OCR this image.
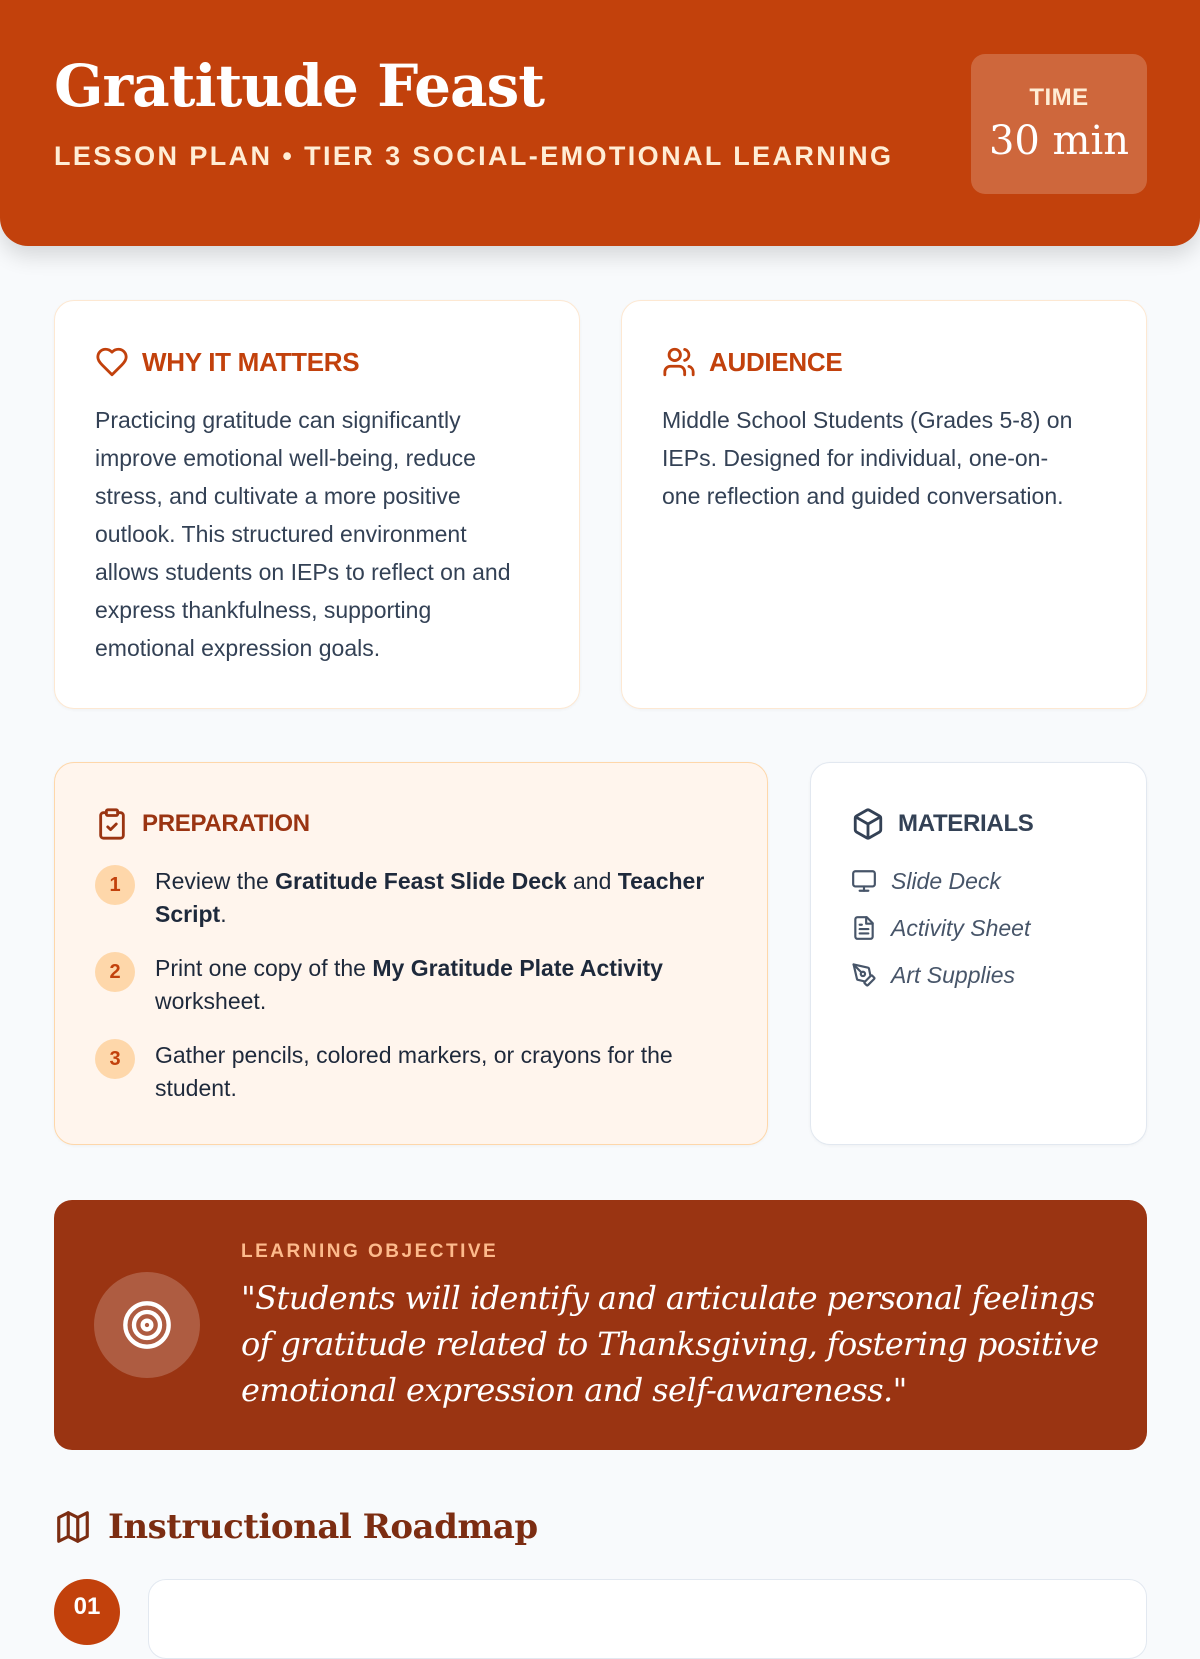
Gratitude Feast
LESSON PLAN • TIER 3 SOCIAL-EMOTIONAL LEARNING
TIME
30 min
WHY IT MATTERS
Practicing gratitude can significantly improve emotional well-being, reduce stress, and cultivate a more positive outlook. This structured environment allows students on IEPs to reflect on and express thankfulness, supporting emotional expression goals.
AUDIENCE
Middle School Students (Grades 5-8) on IEPs. Designed for individual, one-on-one reflection and guided conversation.
PREPARATION
1	Review the Gratitude Feast Slide Deck and Teacher Script.
2	Print one copy of the My Gratitude Plate Activity worksheet.
3	Gather pencils, colored markers, or crayons for the student.
MATERIALS
Slide Deck
Activity Sheet
Art Supplies
LEARNING OBJECTIVE
"Students will identify and articulate personal feelings of gratitude related to Thanksgiving, fostering positive emotional expression and self-awareness."
Instructional Roadmap
01
